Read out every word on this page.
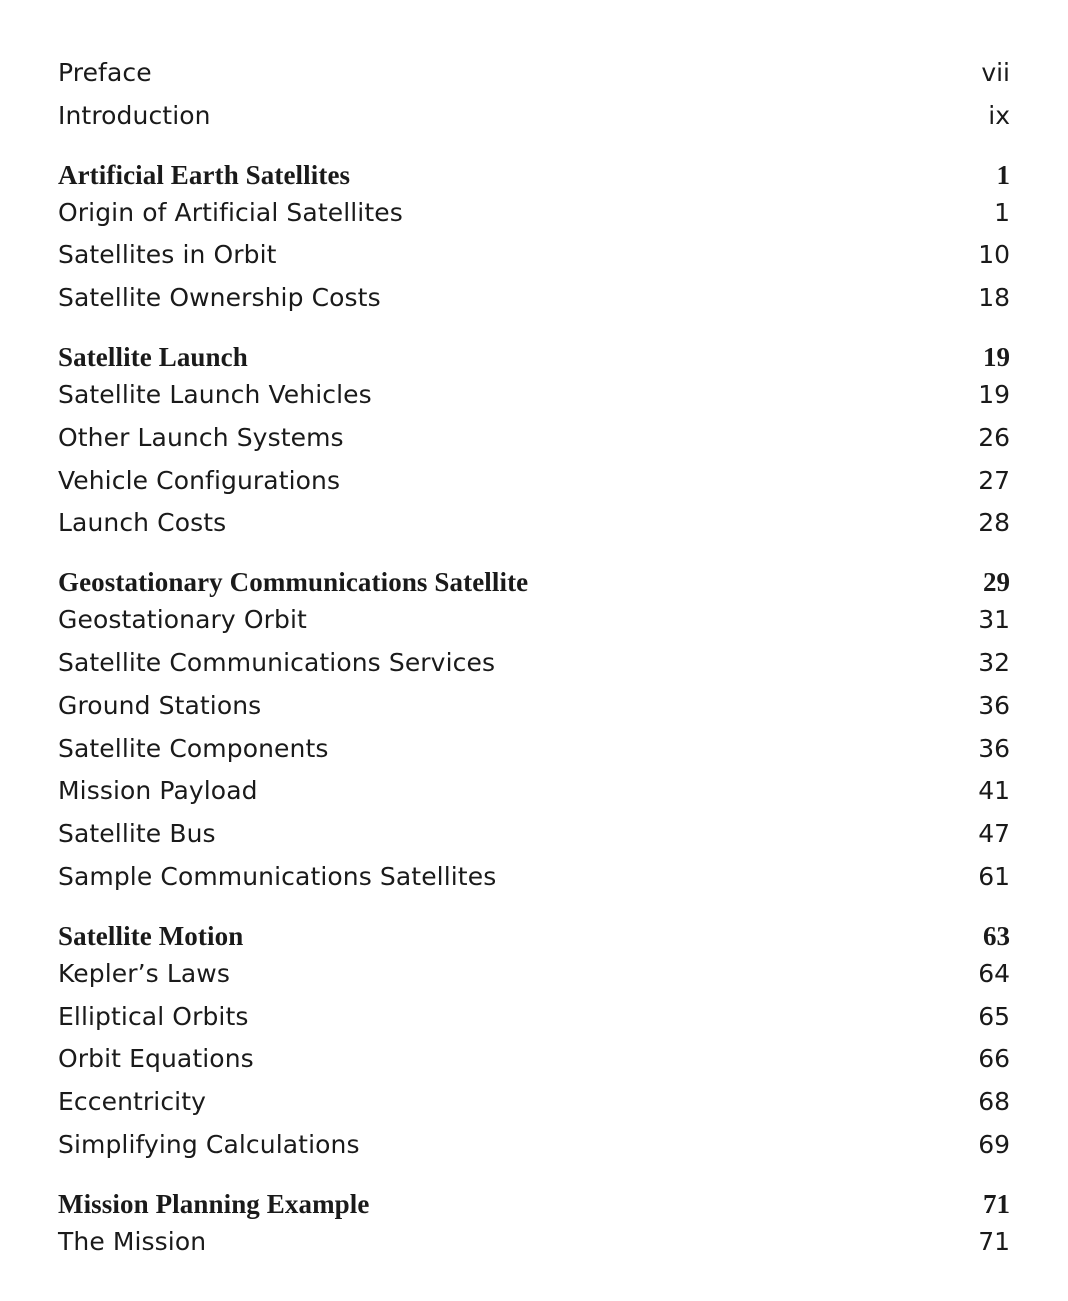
Preface	vii
Introduction	ix
Artificial Earth Satellites	1
Origin of Artificial Satellites	1
Satellites in Orbit	10
Satellite Ownership Costs	18
Satellite Launch	19
Satellite Launch Vehicles	19
Other Launch Systems	26
Vehicle Configurations	27
Launch Costs	28
Geostationary Communications Satellite	29
Geostationary Orbit	31
Satellite Communications Services	32
Ground Stations	36
Satellite Components	36
Mission Payload	41
Satellite Bus	47
Sample Communications Satellites	61
Satellite Motion	63
Kepler’s Laws	64
Elliptical Orbits	65
Orbit Equations	66
Eccentricity	68
Simplifying Calculations	69
Mission Planning Example	71
The Mission	71
